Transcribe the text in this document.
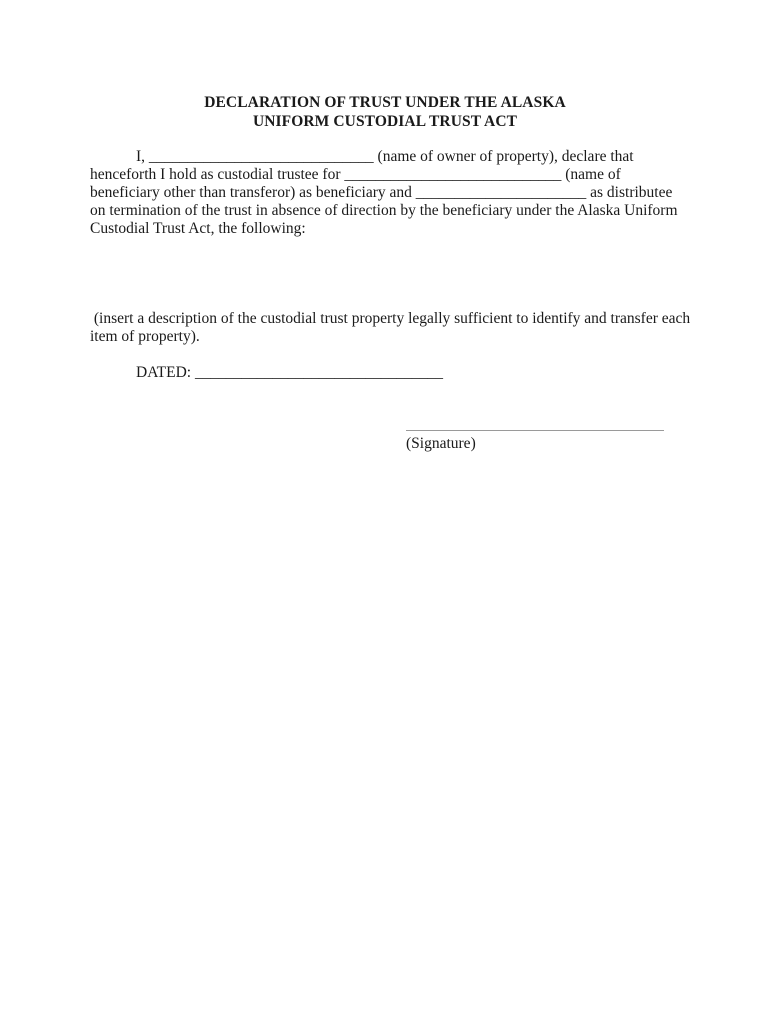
DECLARATION OF TRUST UNDER THE ALASKA
UNIFORM CUSTODIAL TRUST ACT
I, _____________________________ (name of owner of property), declare that
henceforth I hold as custodial trustee for ____________________________ (name of
beneficiary other than transferor) as beneficiary and ______________________ as distributee
on termination of the trust in absence of direction by the beneficiary under the Alaska Uniform
Custodial Trust Act, the following:
(insert a description of the custodial trust property legally sufficient to identify and transfer each
item of property).
DATED: ________________________________
(Signature)
